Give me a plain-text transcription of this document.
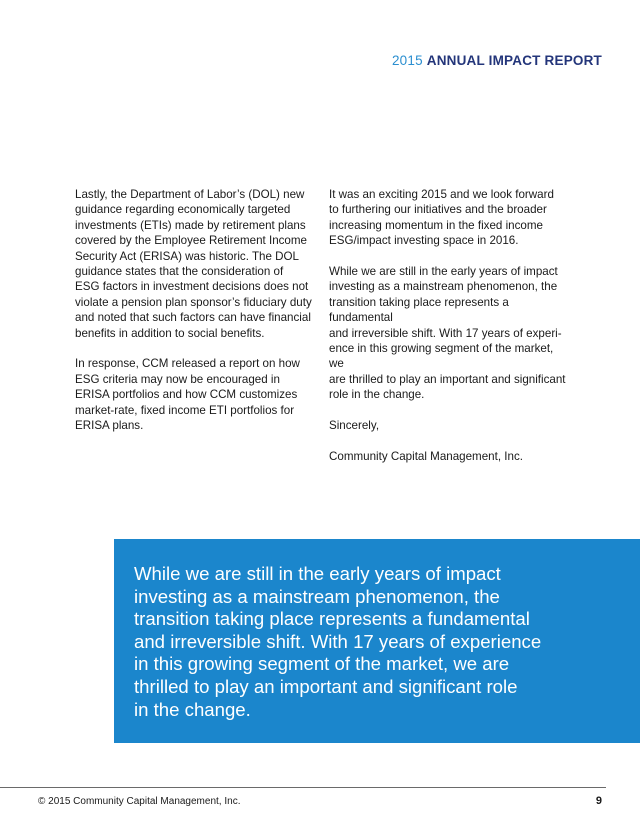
2015 ANNUAL IMPACT REPORT

Lastly, the Department of Labor’s (DOL) new
guidance regarding economically targeted
investments (ETIs) made by retirement plans
covered by the Employee Retirement Income
Security Act (ERISA) was historic. The DOL
guidance states that the consideration of
ESG factors in investment decisions does not
violate a pension plan sponsor’s fiduciary duty
and noted that such factors can have financial
benefits in addition to social benefits.

In response, CCM released a report on how
ESG criteria may now be encouraged in
ERISA portfolios and how CCM customizes
market-rate, fixed income ETI portfolios for
ERISA plans.

It was an exciting 2015 and we look forward
to furthering our initiatives and the broader
increasing momentum in the fixed income
ESG/impact investing space in 2016.

While we are still in the early years of impact
investing as a mainstream phenomenon, the
transition taking place represents a fundamental
and irreversible shift. With 17 years of experi-
ence in this growing segment of the market, we
are thrilled to play an important and significant
role in the change.

Sincerely,

Community Capital Management, Inc.

While we are still in the early years of impact
investing as a mainstream phenomenon, the
transition taking place represents a fundamental
and irreversible shift. With 17 years of experience
in this growing segment of the market, we are
thrilled to play an important and significant role
in the change.

© 2015 Community Capital Management, Inc.	9
